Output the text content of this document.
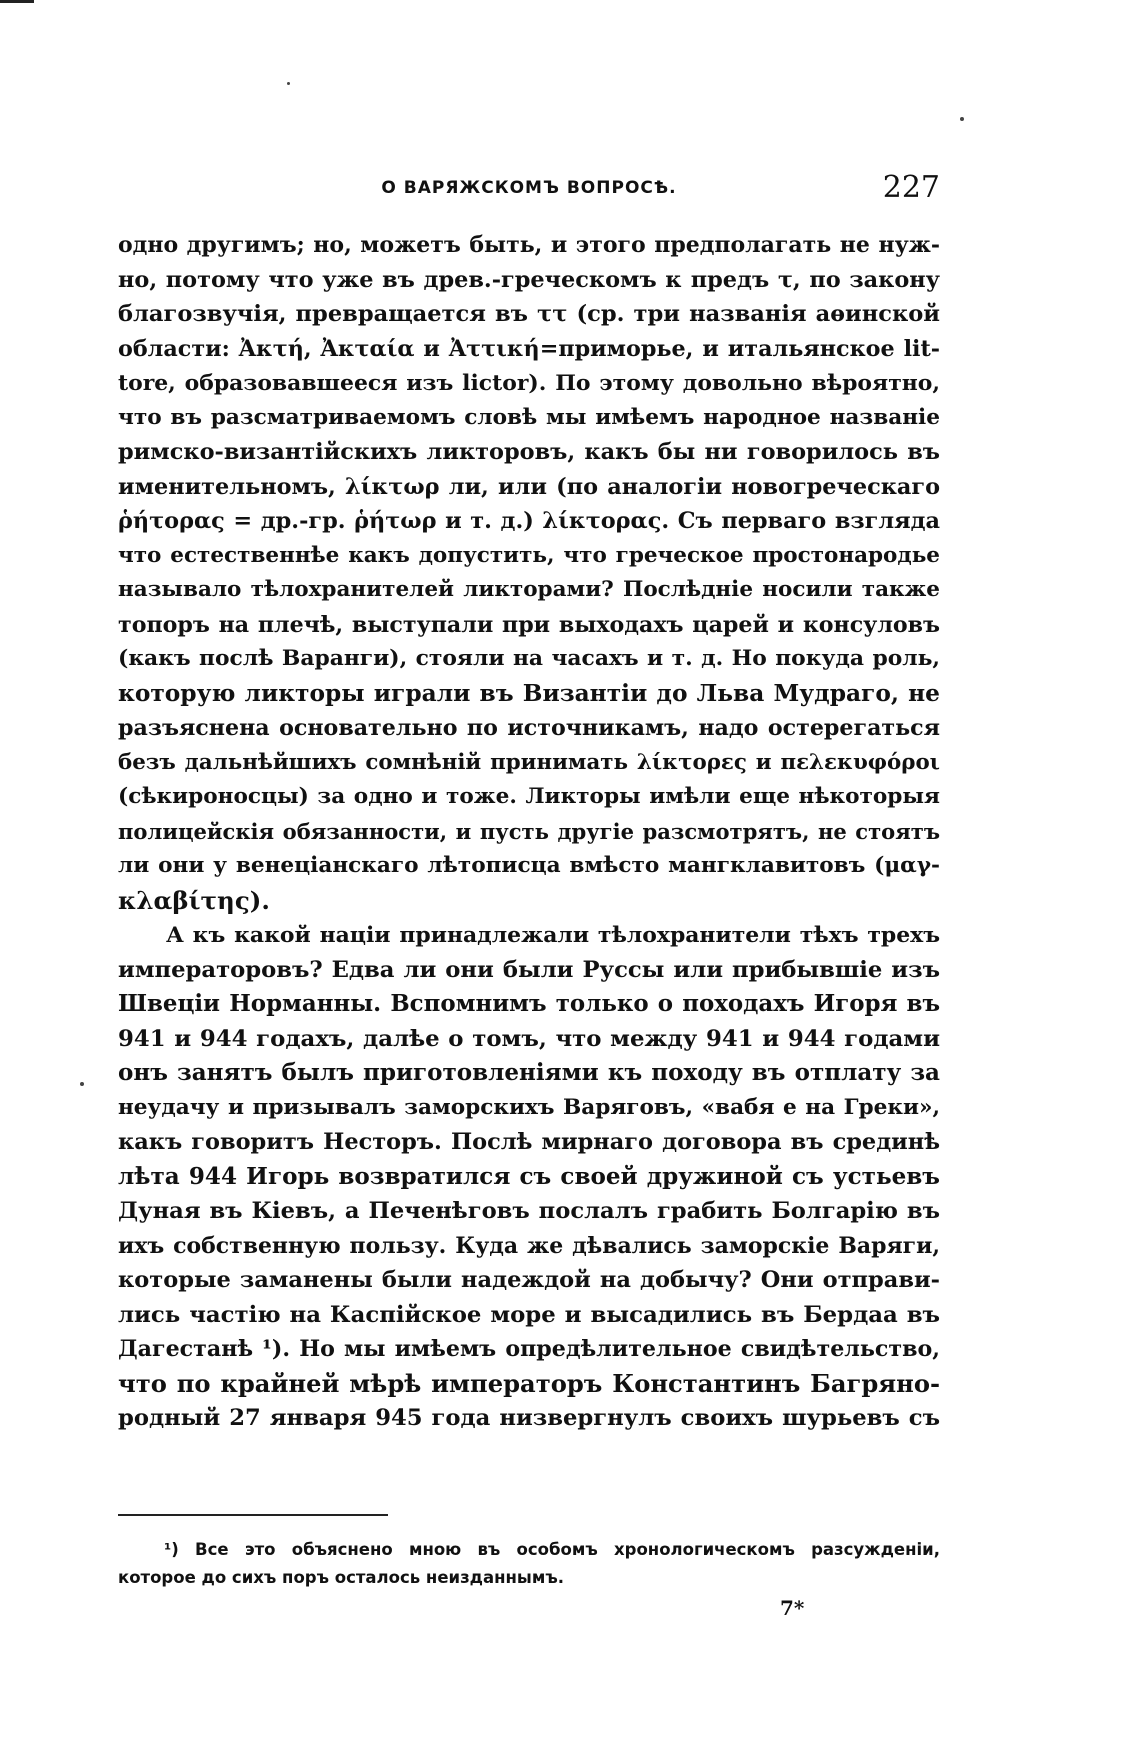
О ВАРЯЖСКОМЪ ВОПРОСѢ.	227
одно другимъ; но, можетъ быть, и этого предполагать не нуж-
но, потому что уже въ древ.-греческомъ κ предъ τ, по закону
благозвучія, превращается въ ττ (ср. три названія аѳинской
области: Ἀκτή, Ἀκταία и Ἀττική=приморье, и итальянское lit-
tore, образовавшееся изъ lictor). По этому довольно вѣроятно,
что въ разсматриваемомъ словѣ мы имѣемъ народное названіе
римско-византійскихъ ликторовъ, какъ бы ни говорилось въ
именительномъ, λίκτωρ ли, или (по аналогіи новогреческаго
ῥήτορας = др.-гр. ῥήτωρ и т. д.) λίκτορας. Съ перваго взгляда
что естественнѣе какъ допустить, что греческое простонародье
называло тѣлохранителей ликторами? Послѣдніе носили также
топоръ на плечѣ, выступали при выходахъ царей и консуловъ
(какъ послѣ Варанги), стояли на часахъ и т. д. Но покуда роль,
которую ликторы играли въ Византіи до Льва Мудраго, не
разъяснена основательно по источникамъ, надо остерегаться
безъ дальнѣйшихъ сомнѣній принимать λίκτορες и πελεκυφόροι
(сѣкироносцы) за одно и тоже. Ликторы имѣли еще нѣкоторыя
полицейскія обязанности, и пусть другіе разсмотрятъ, не стоятъ
ли они у венеціанскаго лѣтописца вмѣсто мангклавитовъ (μαγ-
κλαβίτης).
А къ какой націи принадлежали тѣлохранители тѣхъ трехъ
императоровъ? Едва ли они были Руссы или прибывшіе изъ
Швеціи Норманны. Вспомнимъ только о походахъ Игоря въ
941 и 944 годахъ, далѣе о томъ, что между 941 и 944 годами
онъ занятъ былъ приготовленіями къ походу въ отплату за
неудачу и призывалъ заморскихъ Варяговъ, «вабя е на Греки»,
какъ говоритъ Несторъ. Послѣ мирнаго договора въ срединѣ
лѣта 944 Игорь возвратился съ своей дружиной съ устьевъ
Дуная въ Кіевъ, а Печенѣговъ послалъ грабить Болгарію въ
ихъ собственную пользу. Куда же дѣвались заморскіе Варяги,
которые заманены были надеждой на добычу? Они отправи-
лись частію на Каспійское море и высадились въ Бердаа въ
Дагестанѣ ¹). Но мы имѣемъ опредѣлительное свидѣтельство,
что по крайней мѣрѣ императоръ Константинъ Багряно-
родный 27 января 945 года низвергнулъ своихъ шурьевъ съ
¹) Все это объяснено мною въ особомъ хронологическомъ разсужденіи,
которое до сихъ поръ осталось неизданнымъ.
7*
